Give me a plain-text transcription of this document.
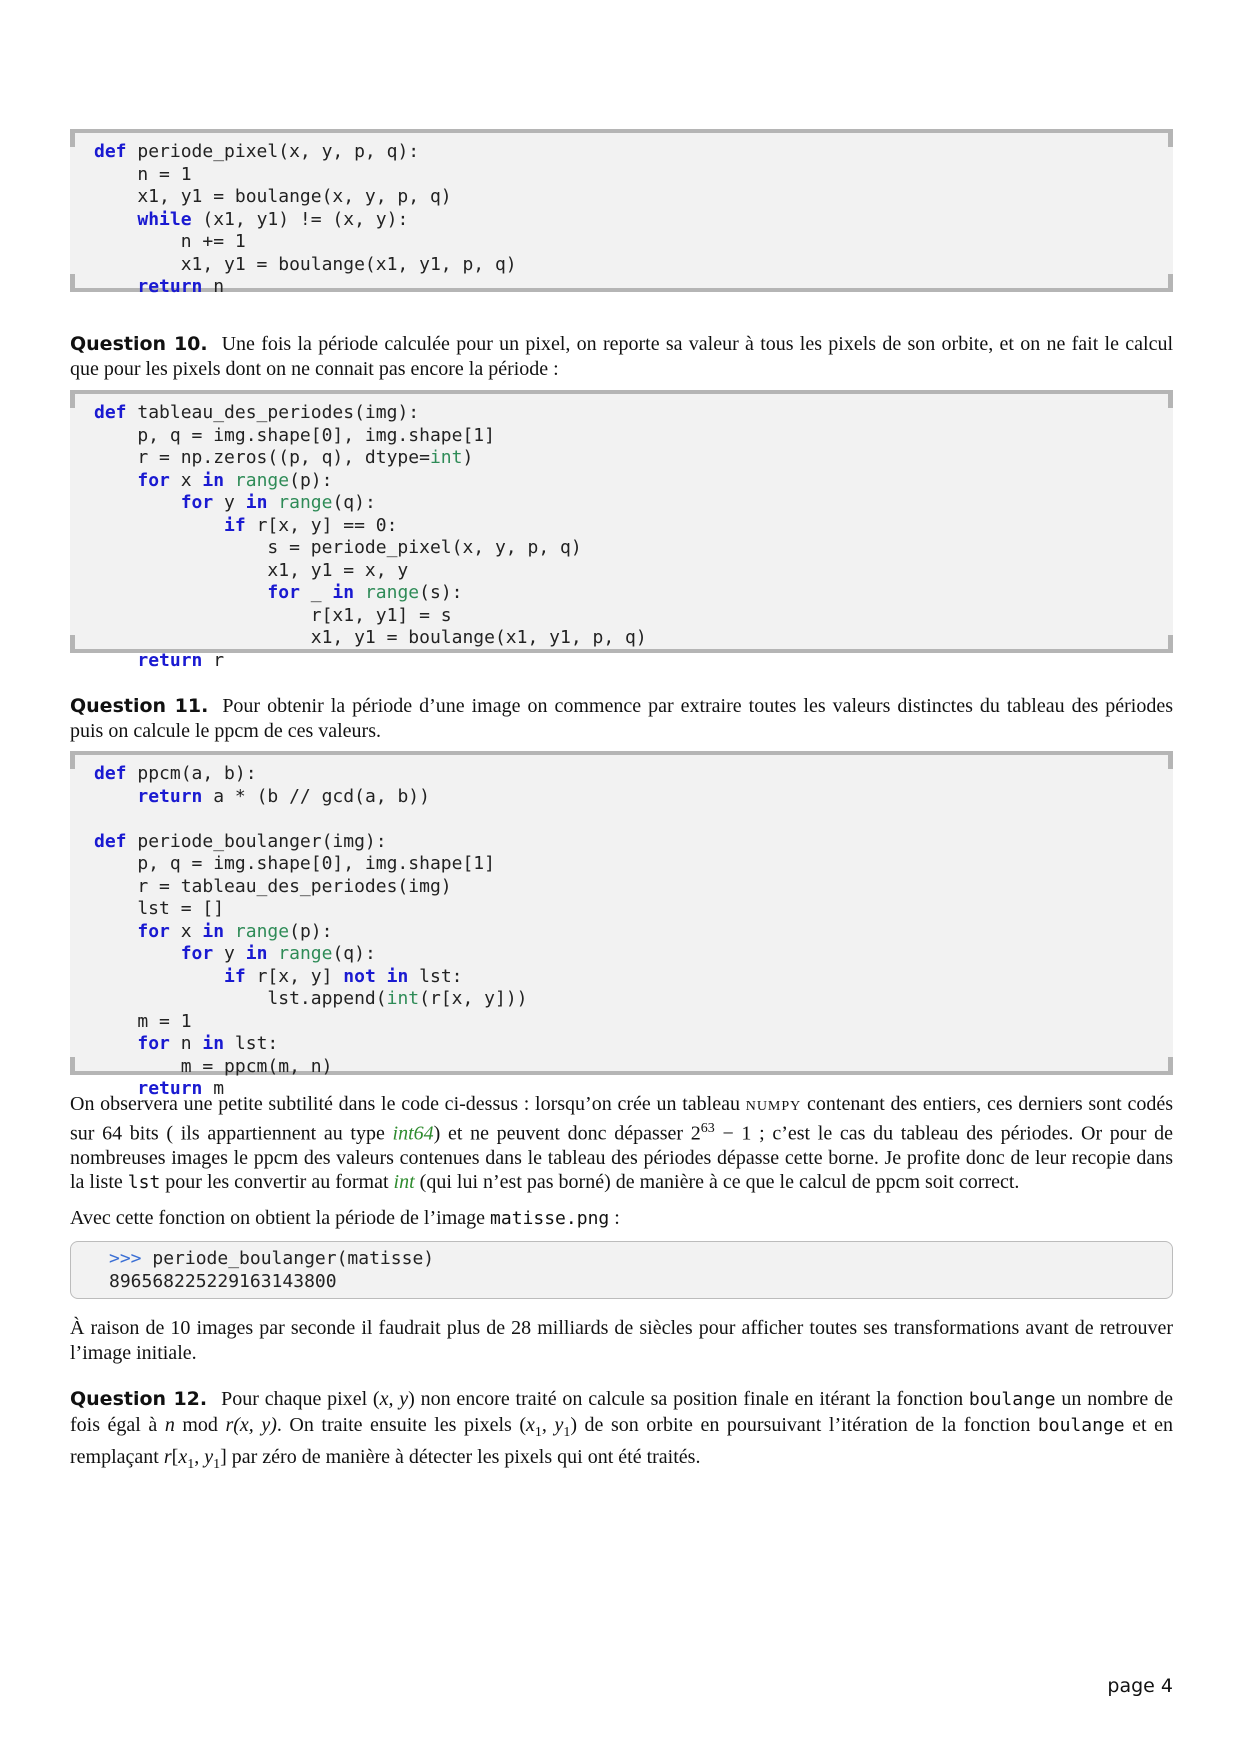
def periode_pixel(x, y, p, q):
n = 1
x1, y1 = boulange(x, y, p, q)
while (x1, y1) != (x, y):
n += 1
x1, y1 = boulange(x1, y1, p, q)
return n
Question 10. Une fois la période calculée pour un pixel, on reporte sa valeur à tous les pixels de son orbite, et on ne fait le calcul que pour les pixels dont on ne connait pas encore la période :
def tableau_des_periodes(img):
p, q = img.shape[0], img.shape[1]
r = np.zeros((p, q), dtype=int)
for x in range(p):
for y in range(q):
if r[x, y] == 0:
s = periode_pixel(x, y, p, q)
x1, y1 = x, y
for _ in range(s):
r[x1, y1] = s
x1, y1 = boulange(x1, y1, p, q)
return r
Question 11. Pour obtenir la période d’une image on commence par extraire toutes les valeurs distinctes du tableau des périodes puis on calcule le ppcm de ces valeurs.
def ppcm(a, b):
return a * (b // gcd(a, b))
def periode_boulanger(img):
p, q = img.shape[0], img.shape[1]
r = tableau_des_periodes(img)
lst = []
for x in range(p):
for y in range(q):
if r[x, y] not in lst:
lst.append(int(r[x, y]))
m = 1
for n in lst:
m = ppcm(m, n)
return m
On observera une petite subtilité dans le code ci-dessus : lorsqu’on crée un tableau numpy contenant des entiers, ces derniers sont codés sur 64 bits ( ils appartiennent au type int64) et ne peuvent donc dépasser $2^{63} - 1$ ; c’est le cas du tableau des périodes. Or pour de nombreuses images le ppcm des valeurs contenues dans le tableau des périodes dépasse cette borne. Je profite donc de leur recopie dans la liste lst pour les convertir au format int (qui lui n’est pas borné) de manière à ce que le calcul de ppcm soit correct.
Avec cette fonction on obtient la période de l’image matisse.png :
>>> periode_boulanger(matisse)
896568225229163143800
À raison de 10 images par seconde il faudrait plus de 28 milliards de siècles pour afficher toutes ses transformations avant de retrouver l’image initiale.
Question 12. Pour chaque pixel (x, y) non encore traité on calcule sa position finale en itérant la fonction boulange un nombre de fois égal à n mod r(x, y). On traite ensuite les pixels ($x_1$, $y_1$) de son orbite en poursuivant l’itération de la fonction boulange et en remplaçant $r[x_1$, $y_1$] par zéro de manière à détecter les pixels qui ont été traités.
page 4
